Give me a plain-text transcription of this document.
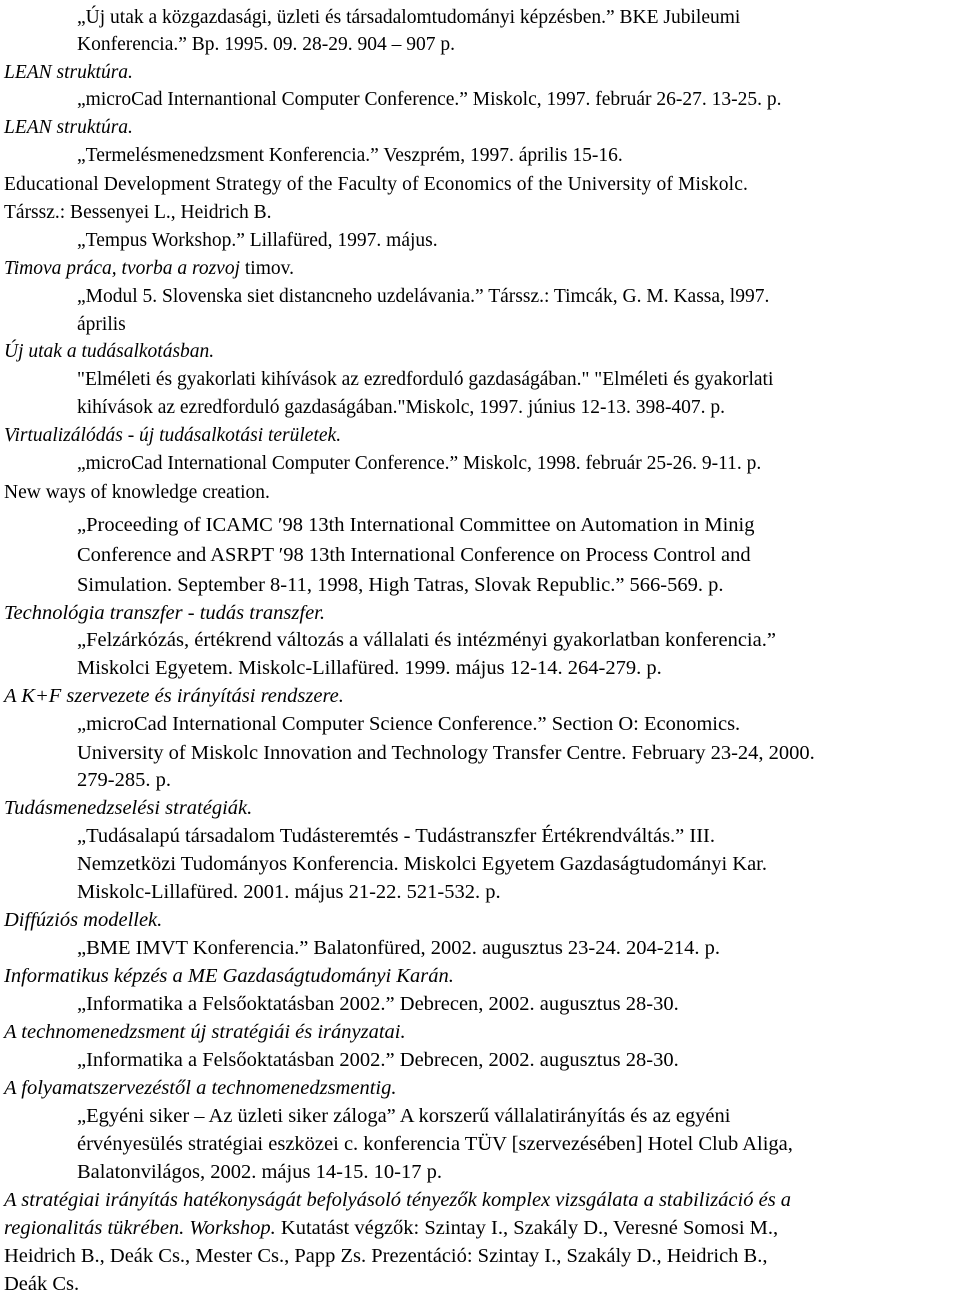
„Új utak a közgazdasági, üzleti és társadalomtudományi képzésben.” BKE Jubileumi
Konferencia.” Bp. 1995. 09. 28-29. 904 – 907 p.
LEAN struktúra.
„microCad Internantional Computer Conference.” Miskolc, 1997. február 26-27. 13-25. p.
LEAN struktúra.
„Termelésmenedzsment Konferencia.” Veszprém, 1997. április 15-16.
Educational Development Strategy of the Faculty of Economics of the University of Miskolc.
Társsz.: Bessenyei L., Heidrich B.
„Tempus Workshop.” Lillafüred, 1997. május.
Timova práca, tvorba a rozvoj timov.
„Modul 5. Slovenska siet distancneho uzdelávania.” Társsz.: Timcák, G. M. Kassa, l997.
április
Új utak a tudásalkotásban.
"Elméleti és gyakorlati kihívások az ezredforduló gazdaságában." "Elméleti és gyakorlati
kihívások az ezredforduló gazdaságában."Miskolc, 1997. június 12-13. 398-407. p.
Virtualizálódás - új tudásalkotási területek.
„microCad International Computer Conference.” Miskolc, 1998. február 25-26. 9-11. p.
New ways of knowledge creation.
„Proceeding of ICAMC ′98 13th International Committee on Automation in Minig
Conference and ASRPT ′98 13th International Conference on Process Control and
Simulation. September 8-11, 1998, High Tatras, Slovak Republic.” 566-569. p.
Technológia transzfer - tudás transzfer.
„Felzárkózás, értékrend változás a vállalati és intézményi gyakorlatban konferencia.”
Miskolci Egyetem. Miskolc-Lillafüred. 1999. május 12-14. 264-279. p.
A K+F szervezete és irányítási rendszere.
„microCad International Computer Science Conference.” Section O: Economics.
University of Miskolc Innovation and Technology Transfer Centre. February 23-24, 2000.
279-285. p.
Tudásmenedzselési stratégiák.
„Tudásalapú társadalom Tudásteremtés - Tudástranszfer Értékrendváltás.” III.
Nemzetközi Tudományos Konferencia. Miskolci Egyetem Gazdaságtudományi Kar.
Miskolc-Lillafüred. 2001. május 21-22. 521-532. p.
Diffúziós modellek.
„BME IMVT Konferencia.” Balatonfüred, 2002. augusztus 23-24. 204-214. p.
Informatikus képzés a ME Gazdaságtudományi Karán.
„Informatika a Felsőoktatásban 2002.” Debrecen, 2002. augusztus 28-30.
A technomenedzsment új stratégiái és irányzatai.
„Informatika a Felsőoktatásban 2002.” Debrecen, 2002. augusztus 28-30.
A folyamatszervezéstől a technomenedzsmentig.
„Egyéni siker – Az üzleti siker záloga” A korszerű vállalatirányítás és az egyéni
érvényesülés stratégiai eszközei c. konferencia TÜV [szervezésében] Hotel Club Aliga,
Balatonvilágos, 2002. május 14-15. 10-17 p.
A stratégiai irányítás hatékonyságát befolyásoló tényezők komplex vizsgálata a stabilizáció és a
regionalitás tükrében. Workshop. Kutatást végzők: Szintay I., Szakály D., Veresné Somosi M.,
Heidrich B., Deák Cs., Mester Cs., Papp Zs. Prezentáció: Szintay I., Szakály D., Heidrich B.,
Deák Cs.
